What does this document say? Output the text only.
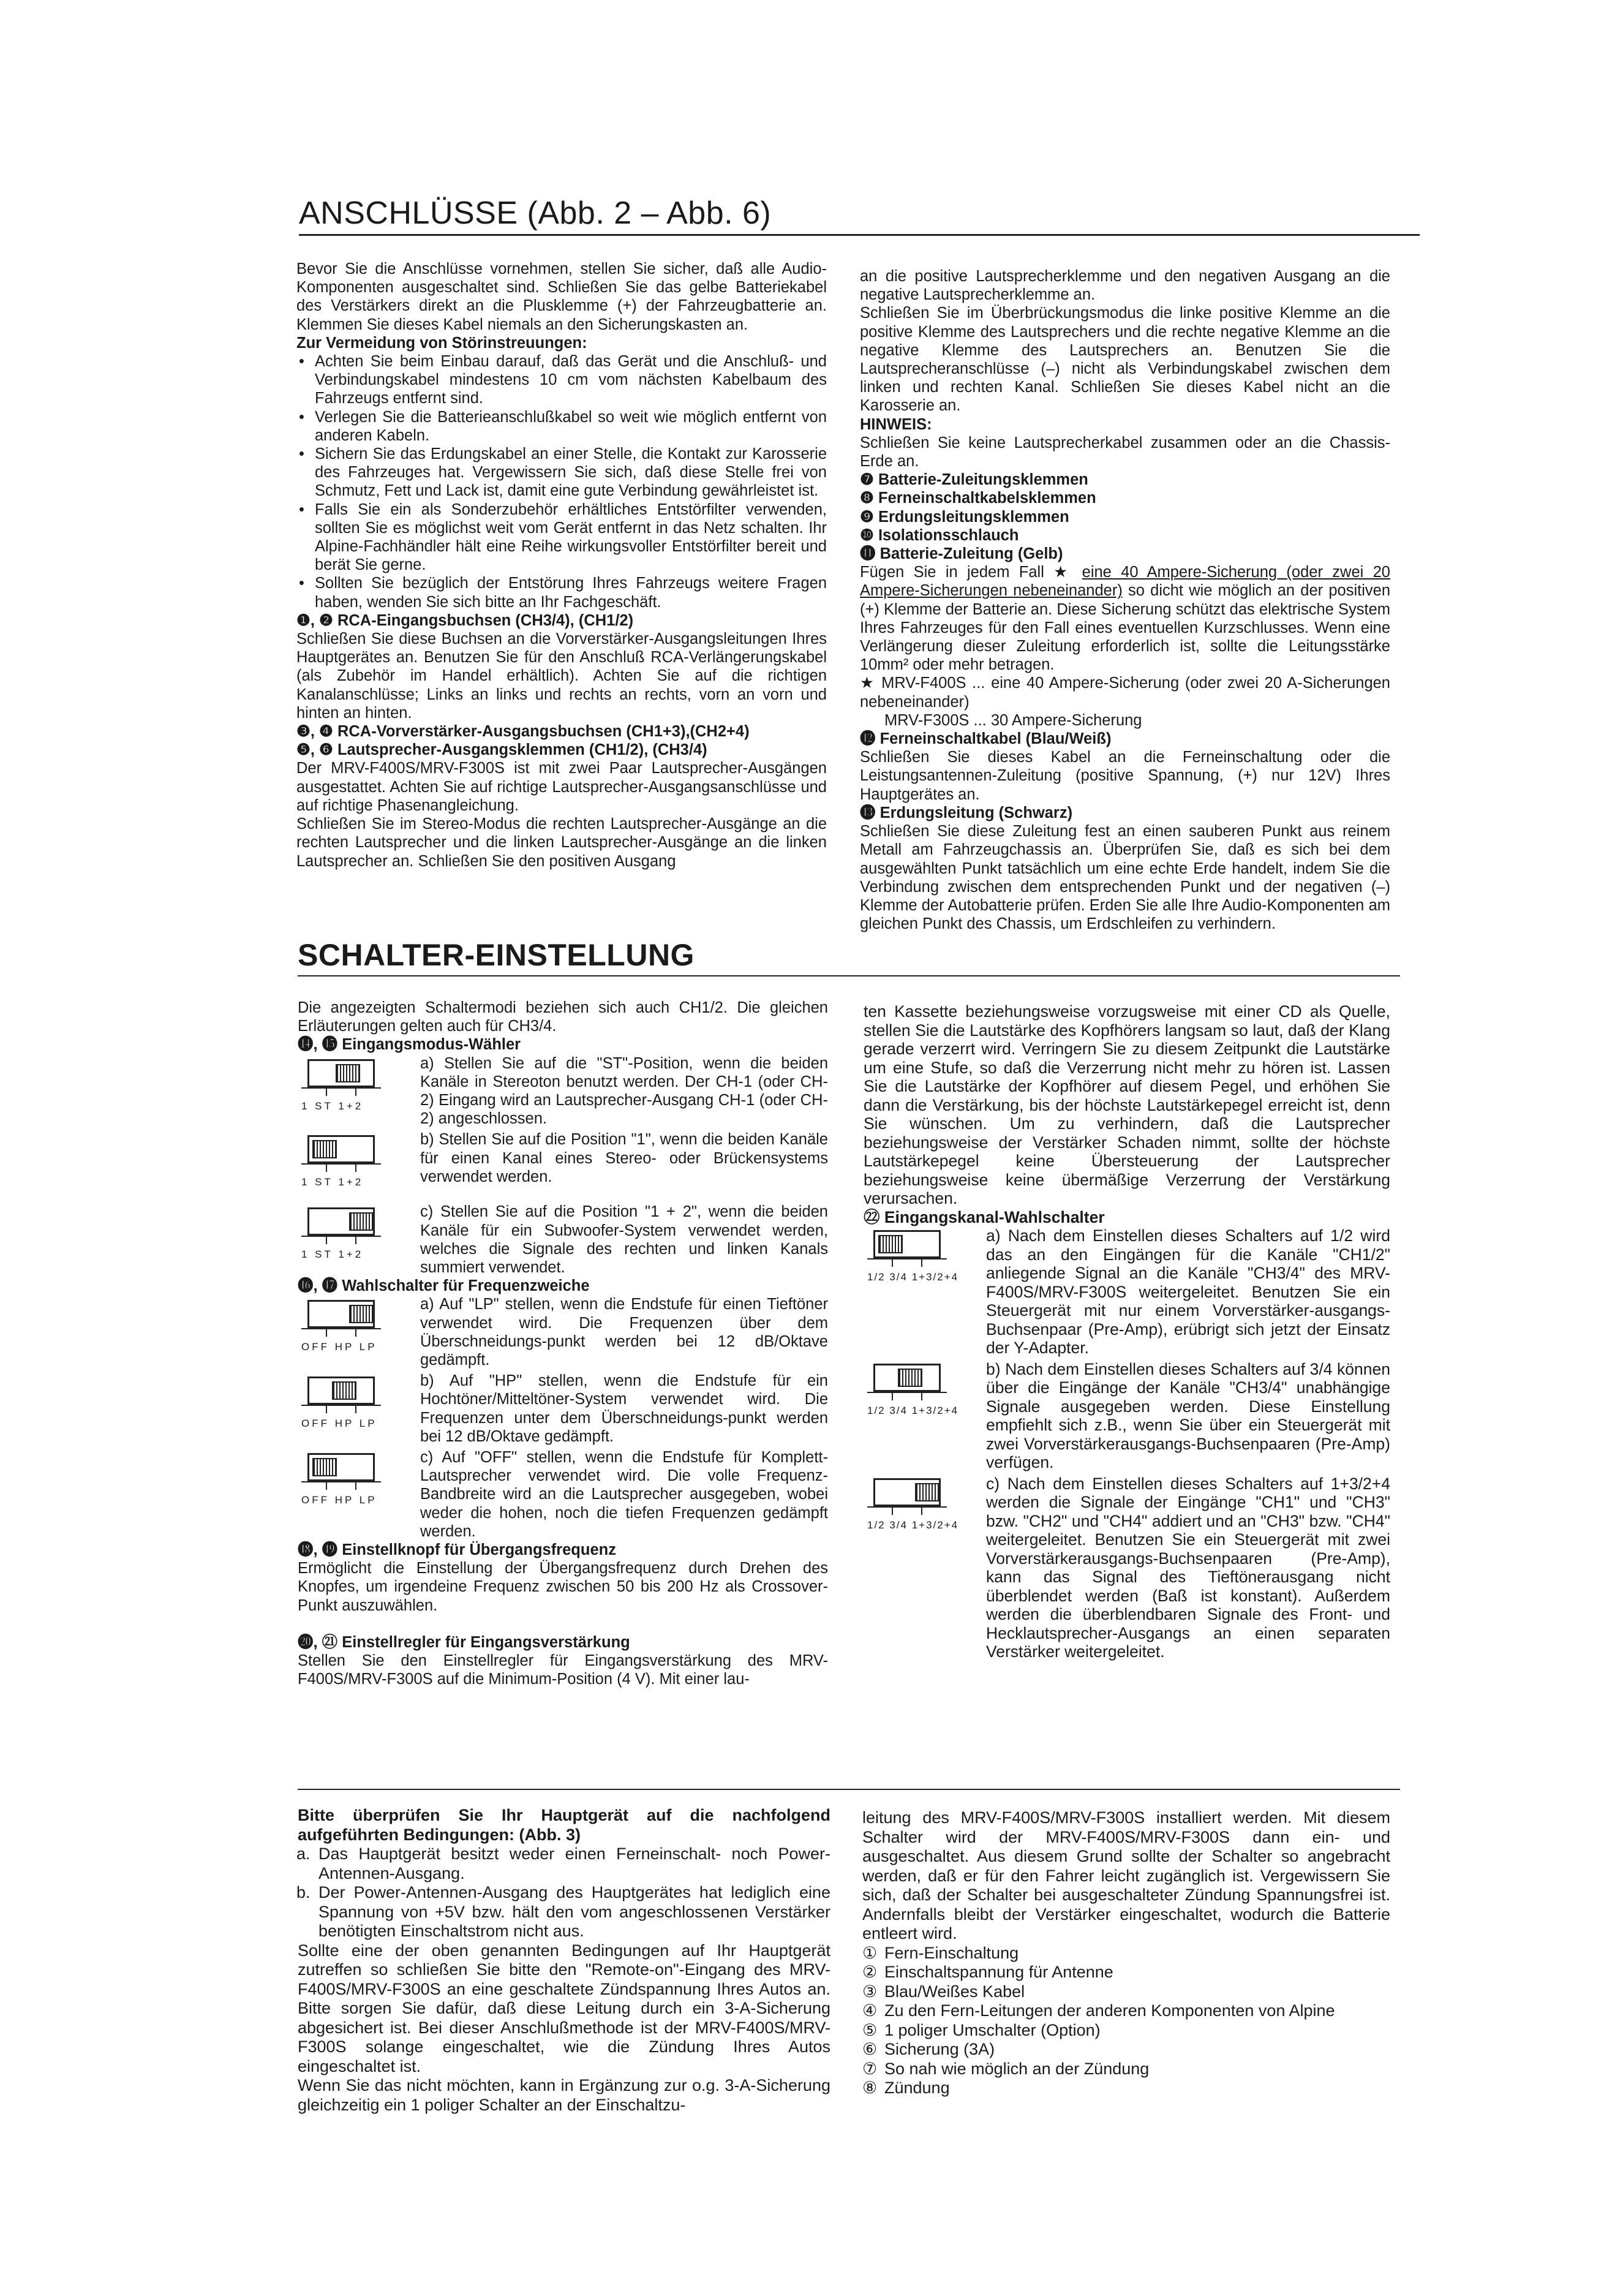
ANSCHLÜSSE (Abb. 2 – Abb. 6)

Bevor Sie die Anschlüsse vornehmen, stellen Sie sicher, daß alle Audio-Komponenten ausgeschaltet sind. Schließen Sie das gelbe Batteriekabel des Verstärkers direkt an die Plusklemme (+) der Fahrzeugbatterie an. Klemmen Sie dieses Kabel niemals an den Sicherungskasten an.

Zur Vermeidung von Störinstreuungen:

• Achten Sie beim Einbau darauf, daß das Gerät und die Anschluß- und Verbindungskabel mindestens 10 cm vom nächsten Kabelbaum des Fahrzeugs entfernt sind.
• Verlegen Sie die Batterieanschlußkabel so weit wie möglich entfernt von anderen Kabeln.
• Sichern Sie das Erdungskabel an einer Stelle, die Kontakt zur Karosserie des Fahrzeuges hat. Vergewissern Sie sich, daß diese Stelle frei von Schmutz, Fett und Lack ist, damit eine gute Verbindung gewährleistet ist.
• Falls Sie ein als Sonderzubehör erhältliches Entstörfilter verwenden, sollten Sie es möglichst weit vom Gerät entfernt in das Netz schalten. Ihr Alpine-Fachhändler hält eine Reihe wirkungsvoller Entstörfilter bereit und berät Sie gerne.
• Sollten Sie bezüglich der Entstörung Ihres Fahrzeugs weitere Fragen haben, wenden Sie sich bitte an Ihr Fachgeschäft.

❶, ❷ RCA-Eingangsbuchsen (CH3/4), (CH1/2)

Schließen Sie diese Buchsen an die Vorverstärker-Ausgangsleitungen Ihres Hauptgerätes an. Benutzen Sie für den Anschluß RCA-Verlängerungskabel (als Zubehör im Handel erhältlich). Achten Sie auf die richtigen Kanalanschlüsse; Links an links und rechts an rechts, vorn an vorn und hinten an hinten.

❸, ❹ RCA-Vorverstärker-Ausgangsbuchsen (CH1+3),(CH2+4)

❺, ❻ Lautsprecher-Ausgangsklemmen (CH1/2), (CH3/4)

Der MRV-F400S/MRV-F300S ist mit zwei Paar Lautsprecher-Ausgängen ausgestattet. Achten Sie auf richtige Lautsprecher-Ausgangsanschlüsse und auf richtige Phasenangleichung.

Schließen Sie im Stereo-Modus die rechten Lautsprecher-Ausgänge an die rechten Lautsprecher und die linken Lautsprecher-Ausgänge an die linken Lautsprecher an. Schließen Sie den positiven Ausgang

an die positive Lautsprecherklemme und den negativen Ausgang an die negative Lautsprecherklemme an.

Schließen Sie im Überbrückungsmodus die linke positive Klemme an die positive Klemme des Lautsprechers und die rechte negative Klemme an die negative Klemme des Lautsprechers an. Benutzen Sie die Lautsprecheranschlüsse (–) nicht als Verbindungskabel zwischen dem linken und rechten Kanal. Schließen Sie dieses Kabel nicht an die Karosserie an.

HINWEIS:

Schließen Sie keine Lautsprecherkabel zusammen oder an die Chassis-Erde an.

❼ Batterie-Zuleitungsklemmen

❽ Ferneinschaltkabelsklemmen

❾ Erdungsleitungsklemmen

❿ Isolationsschlauch

⓫ Batterie-Zuleitung (Gelb)

Fügen Sie in jedem Fall ★ eine 40 Ampere-Sicherung (oder zwei 20 Ampere-Sicherungen nebeneinander) so dicht wie möglich an der positiven (+) Klemme der Batterie an. Diese Sicherung schützt das elektrische System Ihres Fahrzeuges für den Fall eines eventuellen Kurzschlusses. Wenn eine Verlängerung dieser Zuleitung erforderlich ist, sollte die Leitungsstärke 10mm² oder mehr betragen.

★ MRV-F400S ... eine 40 Ampere-Sicherung (oder zwei 20 A-Sicherungen nebeneinander)

MRV-F300S ... 30 Ampere-Sicherung

⓬ Ferneinschaltkabel (Blau/Weiß)

Schließen Sie dieses Kabel an die Ferneinschaltung oder die Leistungsantennen-Zuleitung (positive Spannung, (+) nur 12V) Ihres Hauptgerätes an.

⓭ Erdungsleitung (Schwarz)

Schließen Sie diese Zuleitung fest an einen sauberen Punkt aus reinem Metall am Fahrzeugchassis an. Überprüfen Sie, daß es sich bei dem ausgewählten Punkt tatsächlich um eine echte Erde handelt, indem Sie die Verbindung zwischen dem entsprechenden Punkt und der negativen (–) Klemme der Autobatterie prüfen. Erden Sie alle Ihre Audio-Komponenten am gleichen Punkt des Chassis, um Erdschleifen zu verhindern.

SCHALTER-EINSTELLUNG

Die angezeigten Schaltermodi beziehen sich auch CH1/2. Die gleichen Erläuterungen gelten auch für CH3/4.

⓮, ⓯ Eingangsmodus-Wähler

1 ST 1+2

a) Stellen Sie auf die "ST"-Position, wenn die beiden Kanäle in Stereoton benutzt werden. Der CH-1 (oder CH-2) Eingang wird an Lautsprecher-Ausgang CH-1 (oder CH-2) angeschlossen.

1 ST 1+2

b) Stellen Sie auf die Position "1", wenn die beiden Kanäle für einen Kanal eines Stereo- oder Brückensystems verwendet werden.

1 ST 1+2

c) Stellen Sie auf die Position "1 + 2", wenn die beiden Kanäle für ein Subwoofer-System verwendet werden, welches die Signale des rechten und linken Kanals summiert verwendet.

⓰, ⓱ Wahlschalter für Frequenzweiche

OFF HP LP

a) Auf "LP" stellen, wenn die Endstufe für einen Tieftöner verwendet wird. Die Frequenzen über dem Überschneidungs-punkt werden bei 12 dB/Oktave gedämpft.

OFF HP LP

b) Auf "HP" stellen, wenn die Endstufe für ein Hochtöner/Mitteltöner-System verwendet wird. Die Frequenzen unter dem Überschneidungs-punkt werden bei 12 dB/Oktave gedämpft.

OFF HP LP

c) Auf "OFF" stellen, wenn die Endstufe für Komplett-Lautsprecher verwendet wird. Die volle Frequenz-Bandbreite wird an die Lautsprecher ausgegeben, wobei weder die hohen, noch die tiefen Frequenzen gedämpft werden.

⓲, ⓳ Einstellknopf für Übergangsfrequenz

Ermöglicht die Einstellung der Übergangsfrequenz durch Drehen des Knopfes, um irgendeine Frequenz zwischen 50 bis 200 Hz als Crossover-Punkt auszuwählen.

⓴, ㉑ Einstellregler für Eingangsverstärkung

Stellen Sie den Einstellregler für Eingangsverstärkung des MRV-F400S/MRV-F300S auf die Minimum-Position (4 V). Mit einer lau-

ten Kassette beziehungsweise vorzugsweise mit einer CD als Quelle, stellen Sie die Lautstärke des Kopfhörers langsam so laut, daß der Klang gerade verzerrt wird. Verringern Sie zu diesem Zeitpunkt die Lautstärke um eine Stufe, so daß die Verzerrung nicht mehr zu hören ist. Lassen Sie die Lautstärke der Kopfhörer auf diesem Pegel, und erhöhen Sie dann die Verstärkung, bis der höchste Lautstärkepegel erreicht ist, denn Sie wünschen. Um zu verhindern, daß die Lautsprecher beziehungsweise der Verstärker Schaden nimmt, sollte der höchste Lautstärkepegel keine Übersteuerung der Lautsprecher beziehungsweise keine übermäßige Verzerrung der Verstärkung verursachen.

㉒ Eingangskanal-Wahlschalter

1/2 3/4 1+3/2+4

a) Nach dem Einstellen dieses Schalters auf 1/2 wird das an den Eingängen für die Kanäle "CH1/2" anliegende Signal an die Kanäle "CH3/4" des MRV-F400S/MRV-F300S weitergeleitet. Benutzen Sie ein Steuergerät mit nur einem Vorverstärker-ausgangs-Buchsenpaar (Pre-Amp), erübrigt sich jetzt der Einsatz der Y-Adapter.

1/2 3/4 1+3/2+4

b) Nach dem Einstellen dieses Schalters auf 3/4 können über die Eingänge der Kanäle "CH3/4" unabhängige Signale ausgegeben werden. Diese Einstellung empfiehlt sich z.B., wenn Sie über ein Steuergerät mit zwei Vorverstärkerausgangs-Buchsenpaaren (Pre-Amp) verfügen.

1/2 3/4 1+3/2+4

c) Nach dem Einstellen dieses Schalters auf 1+3/2+4 werden die Signale der Eingänge "CH1" und "CH3" bzw. "CH2" und "CH4" addiert und an "CH3" bzw. "CH4" weitergeleitet. Benutzen Sie ein Steuergerät mit zwei Vorverstärkerausgangs-Buchsenpaaren (Pre-Amp), kann das Signal des Tieftönerausgang nicht überblendet werden (Baß ist konstant). Außerdem werden die überblendbaren Signale des Front- und Hecklautsprecher-Ausgangs an einen separaten Verstärker weitergeleitet.

Bitte überprüfen Sie Ihr Hauptgerät auf die nachfolgend aufgeführten Bedingungen: (Abb. 3)

a. Das Hauptgerät besitzt weder einen Ferneinschalt- noch Power-Antennen-Ausgang.
b. Der Power-Antennen-Ausgang des Hauptgerätes hat lediglich eine Spannung von +5V bzw. hält den vom angeschlossenen Verstärker benötigten Einschaltstrom nicht aus.

Sollte eine der oben genannten Bedingungen auf Ihr Hauptgerät zutreffen so schließen Sie bitte den "Remote-on"-Eingang des MRV-F400S/MRV-F300S an eine geschaltete Zündspannung Ihres Autos an. Bitte sorgen Sie dafür, daß diese Leitung durch ein 3-A-Sicherung abgesichert ist. Bei dieser Anschlußmethode ist der MRV-F400S/MRV-F300S solange eingeschaltet, wie die Zündung Ihres Autos eingeschaltet ist.

Wenn Sie das nicht möchten, kann in Ergänzung zur o.g. 3-A-Sicherung gleichzeitig ein 1 poliger Schalter an der Einschaltzu-

leitung des MRV-F400S/MRV-F300S installiert werden. Mit diesem Schalter wird der MRV-F400S/MRV-F300S dann ein- und ausgeschaltet. Aus diesem Grund sollte der Schalter so angebracht werden, daß er für den Fahrer leicht zugänglich ist. Vergewissern Sie sich, daß der Schalter bei ausgeschalteter Zündung Spannungsfrei ist. Andernfalls bleibt der Verstärker eingeschaltet, wodurch die Batterie entleert wird.

① Fern-Einschaltung
② Einschaltspannung für Antenne
③ Blau/Weißes Kabel
④ Zu den Fern-Leitungen der anderen Komponenten von Alpine
⑤ 1 poliger Umschalter (Option)
⑥ Sicherung (3A)
⑦ So nah wie möglich an der Zündung
⑧ Zündung
